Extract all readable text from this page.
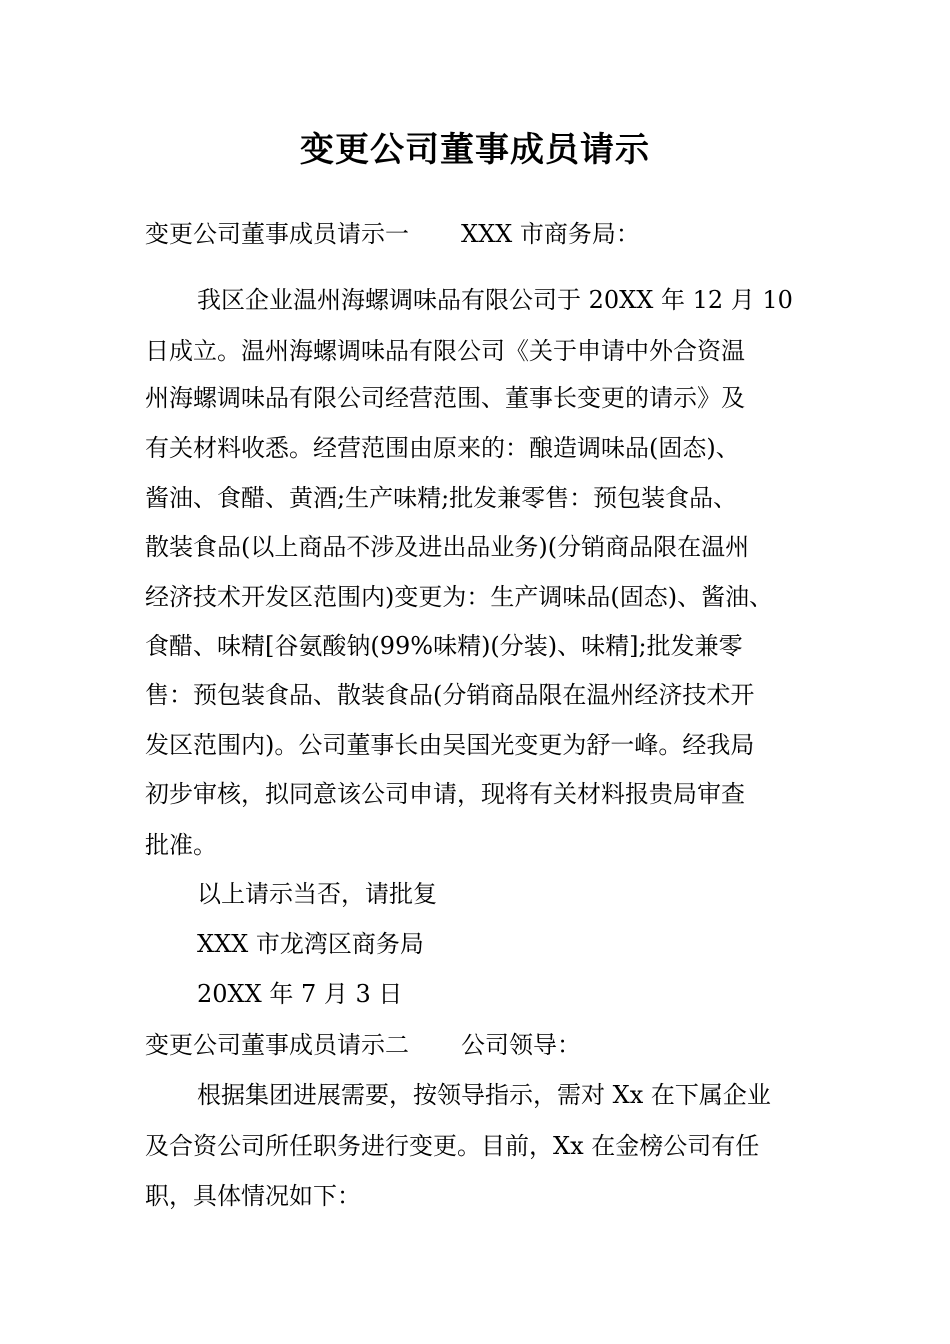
变更公司董事成员请示
变更公司董事成员请示一 XXX 市商务局：
我区企业温州海螺调味品有限公司于 20XX 年 12 月 10
日成立。温州海螺调味品有限公司《关于申请中外合资温
州海螺调味品有限公司经营范围、董事长变更的请示》及
有关材料收悉。经营范围由原来的：酿造调味品(固态)、
酱油、食醋、黄酒;生产味精;批发兼零售：预包装食品、
散装食品(以上商品不涉及进出品业务)(分销商品限在温州
经济技术开发区范围内)变更为：生产调味品(固态)、酱油、
食醋、味精[谷氨酸钠(99%味精)(分装)、味精];批发兼零
售：预包装食品、散装食品(分销商品限在温州经济技术开
发区范围内)。公司董事长由吴国光变更为舒一峰。经我局
初步审核，拟同意该公司申请，现将有关材料报贵局审查
批准。
以上请示当否，请批复
XXX 市龙湾区商务局
20XX 年 7 月 3 日
变更公司董事成员请示二 公司领导：
根据集团进展需要，按领导指示，需对 Xx 在下属企业
及合资公司所任职务进行变更。目前，Xx 在金榜公司有任
职，具体情况如下：
